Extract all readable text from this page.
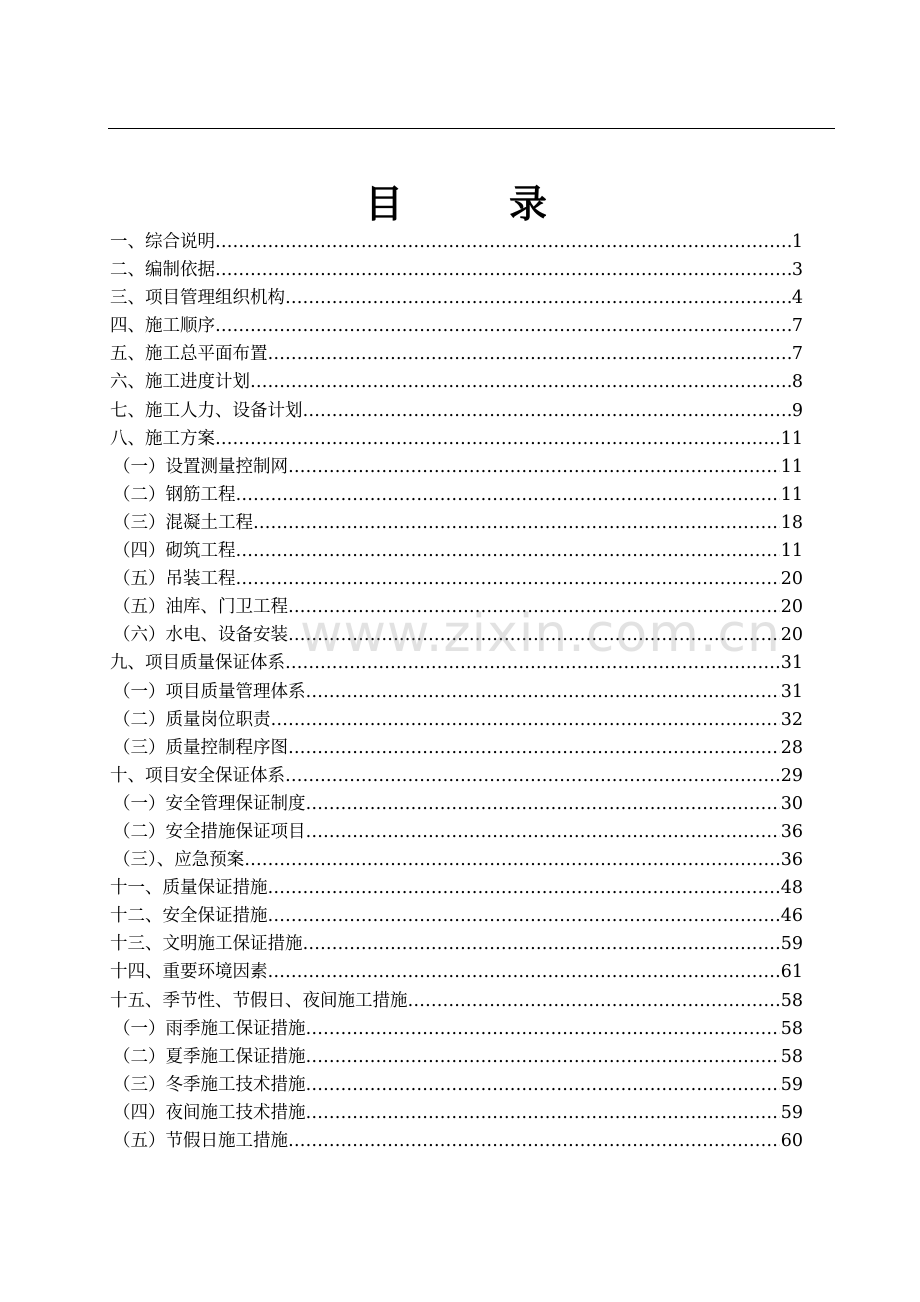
目　录
一、综合说明 …………………………………………………………………………………………………………………………………………………………	1
二、编制依据 …………………………………………………………………………………………………………………………………………………………	3
三、项目管理组织机构 …………………………………………………………………………………………………………………………………………………………	4
四、施工顺序 …………………………………………………………………………………………………………………………………………………………	7
五、施工总平面布置 …………………………………………………………………………………………………………………………………………………………	7
六、施工进度计划 …………………………………………………………………………………………………………………………………………………………	8
七、施工人力、设备计划 …………………………………………………………………………………………………………………………………………………………	9
八、施工方案 …………………………………………………………………………………………………………………………………………………………	11
（一）设置测量控制网 …………………………………………………………………………………………………………………………………………………………	11
（二）钢筋工程 …………………………………………………………………………………………………………………………………………………………	11
（三）混凝土工程 …………………………………………………………………………………………………………………………………………………………	18
（四）砌筑工程 …………………………………………………………………………………………………………………………………………………………	11
（五）吊装工程 …………………………………………………………………………………………………………………………………………………………	20
（五）油库、门卫工程 …………………………………………………………………………………………………………………………………………………………	20
（六）水电、设备安装 …………………………………………………………………………………………………………………………………………………………	20
九、项目质量保证体系 …………………………………………………………………………………………………………………………………………………………	31
（一）项目质量管理体系 …………………………………………………………………………………………………………………………………………………………	31
（二）质量岗位职责 …………………………………………………………………………………………………………………………………………………………	32
（三）质量控制程序图 …………………………………………………………………………………………………………………………………………………………	28
十、项目安全保证体系 …………………………………………………………………………………………………………………………………………………………	29
（一）安全管理保证制度 …………………………………………………………………………………………………………………………………………………………	30
（二）安全措施保证项目 …………………………………………………………………………………………………………………………………………………………	36
（三）、应急预案 …………………………………………………………………………………………………………………………………………………………	36
十一、质量保证措施 …………………………………………………………………………………………………………………………………………………………	48
十二、安全保证措施 …………………………………………………………………………………………………………………………………………………………	46
十三、文明施工保证措施 …………………………………………………………………………………………………………………………………………………………	59
十四、重要环境因素 …………………………………………………………………………………………………………………………………………………………	61
十五、季节性、节假日、夜间施工措施 …………………………………………………………………………………………………………………………………………………………	58
（一）雨季施工保证措施 …………………………………………………………………………………………………………………………………………………………	58
（二）夏季施工保证措施 …………………………………………………………………………………………………………………………………………………………	58
（三）冬季施工技术措施 …………………………………………………………………………………………………………………………………………………………	59
（四）夜间施工技术措施 …………………………………………………………………………………………………………………………………………………………	59
（五）节假日施工措施 …………………………………………………………………………………………………………………………………………………………	60
www.zixin.com.cn
